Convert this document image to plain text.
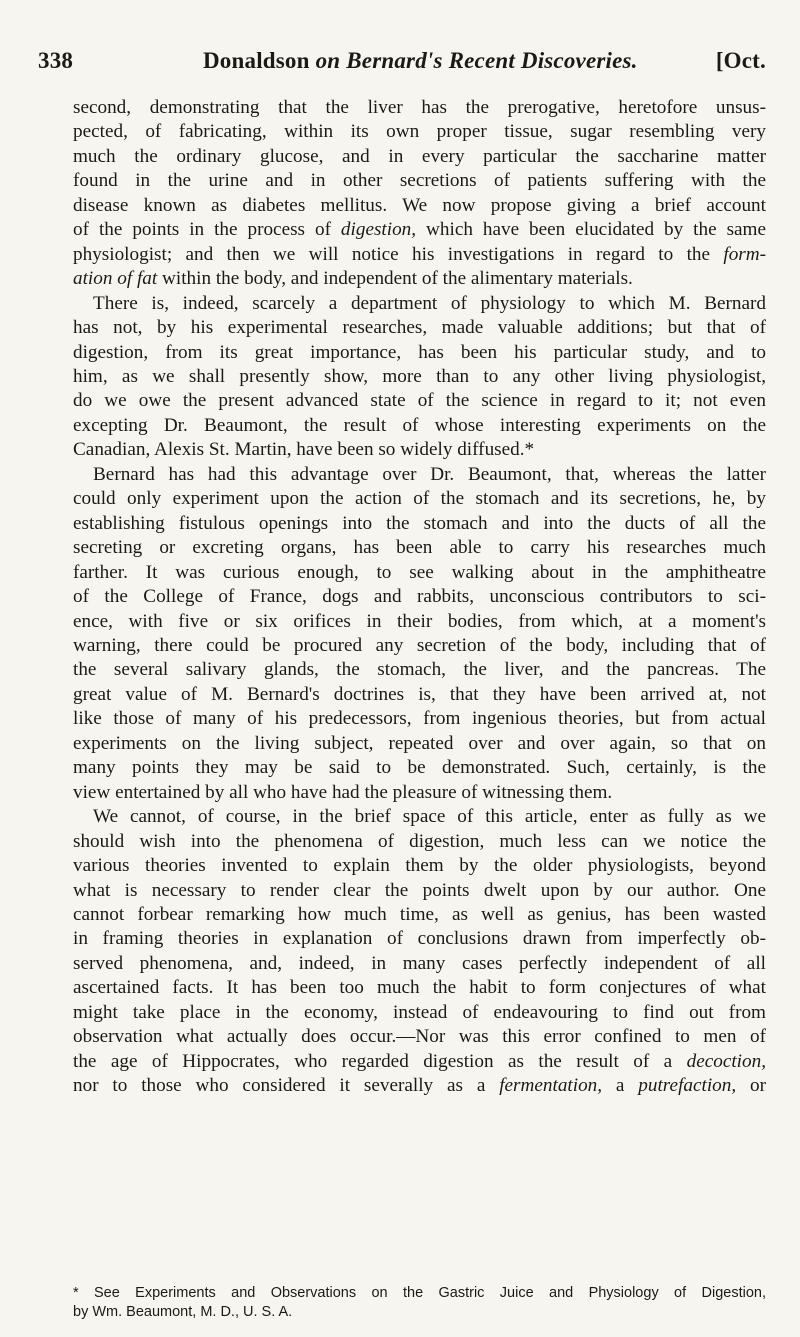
338	Donaldson on Bernard's Recent Discoveries.	[Oct.
second, demonstrating that the liver has the prerogative, heretofore unsus-
pected, of fabricating, within its own proper tissue, sugar resembling very
much the ordinary glucose, and in every particular the saccharine matter
found in the urine and in other secretions of patients suffering with the
disease known as diabetes mellitus. We now propose giving a brief account
of the points in the process of digestion, which have been elucidated by the same
physiologist; and then we will notice his investigations in regard to the form-
ation of fat within the body, and independent of the alimentary materials.
There is, indeed, scarcely a department of physiology to which M. Bernard
has not, by his experimental researches, made valuable additions; but that of
digestion, from its great importance, has been his particular study, and to
him, as we shall presently show, more than to any other living physiologist,
do we owe the present advanced state of the science in regard to it; not even
excepting Dr. Beaumont, the result of whose interesting experiments on the
Canadian, Alexis St. Martin, have been so widely diffused.*
Bernard has had this advantage over Dr. Beaumont, that, whereas the latter
could only experiment upon the action of the stomach and its secretions, he, by
establishing fistulous openings into the stomach and into the ducts of all the
secreting or excreting organs, has been able to carry his researches much
farther. It was curious enough, to see walking about in the amphitheatre
of the College of France, dogs and rabbits, unconscious contributors to sci-
ence, with five or six orifices in their bodies, from which, at a moment's
warning, there could be procured any secretion of the body, including that of
the several salivary glands, the stomach, the liver, and the pancreas. The
great value of M. Bernard's doctrines is, that they have been arrived at, not
like those of many of his predecessors, from ingenious theories, but from actual
experiments on the living subject, repeated over and over again, so that on
many points they may be said to be demonstrated. Such, certainly, is the
view entertained by all who have had the pleasure of witnessing them.
We cannot, of course, in the brief space of this article, enter as fully as we
should wish into the phenomena of digestion, much less can we notice the
various theories invented to explain them by the older physiologists, beyond
what is necessary to render clear the points dwelt upon by our author. One
cannot forbear remarking how much time, as well as genius, has been wasted
in framing theories in explanation of conclusions drawn from imperfectly ob-
served phenomena, and, indeed, in many cases perfectly independent of all
ascertained facts. It has been too much the habit to form conjectures of what
might take place in the economy, instead of endeavouring to find out from
observation what actually does occur.—Nor was this error confined to men of
the age of Hippocrates, who regarded digestion as the result of a decoction,
nor to those who considered it severally as a fermentation, a putrefaction, or
* See Experiments and Observations on the Gastric Juice and Physiology of Digestion,
by Wm. Beaumont, M. D., U. S. A.
